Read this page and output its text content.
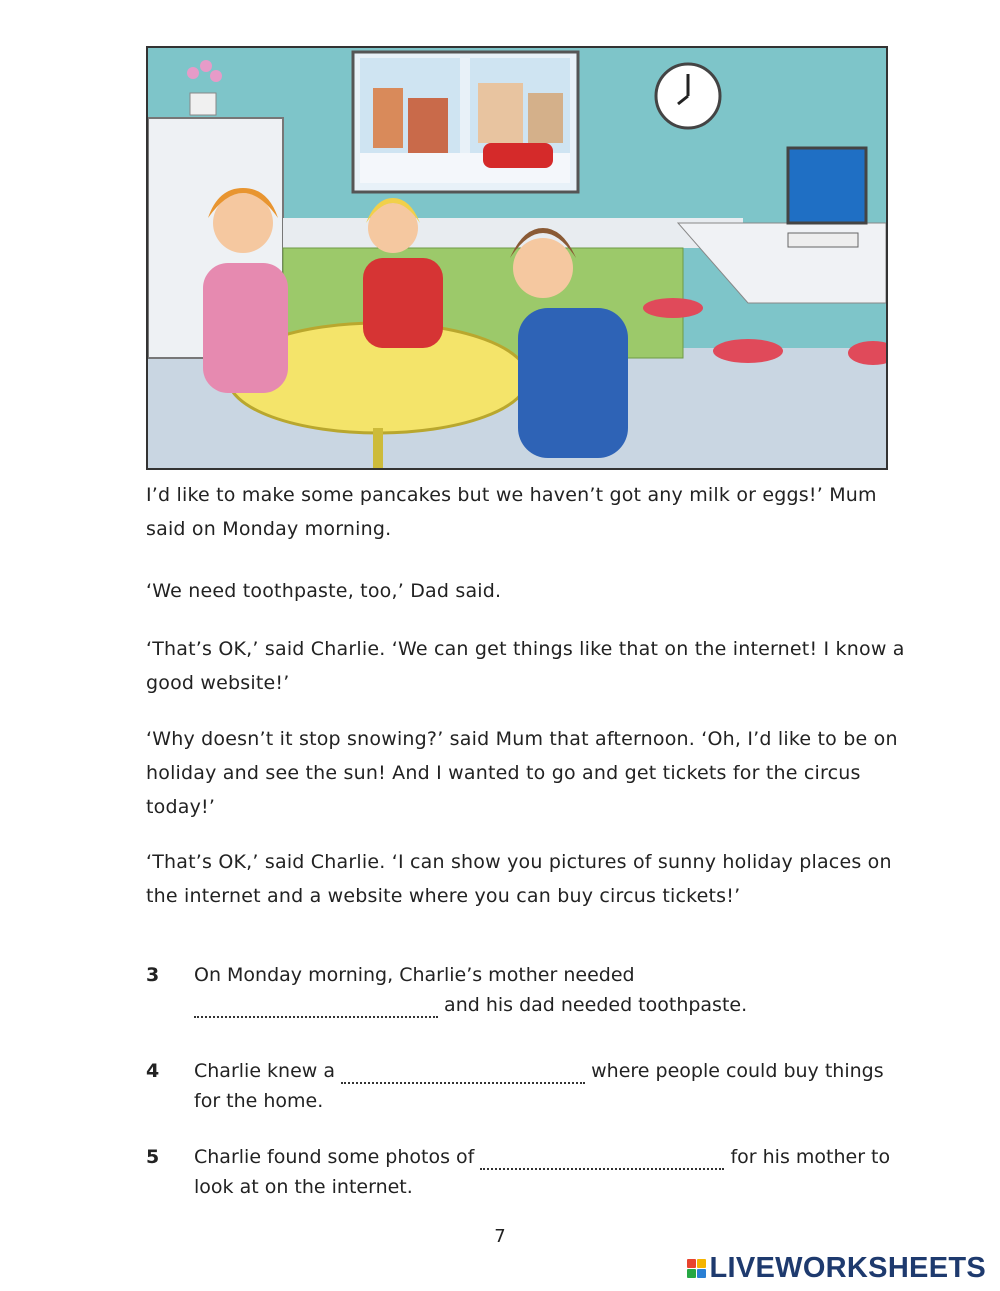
I’d like to make some pancakes but we haven’t got any milk or eggs!’ Mum said on Monday morning.

‘We need toothpaste, too,’ Dad said.

‘That’s OK,’ said Charlie. ‘We can get things like that on the internet! I know a good website!’

‘Why doesn’t it stop snowing?’ said Mum that afternoon. ‘Oh, I’d like to be on holiday and see the sun! And I wanted to go and get tickets for the circus today!’

‘That’s OK,’ said Charlie. ‘I can show you pictures of sunny holiday places on the internet and a website where you can buy circus tickets!’

3 On Monday morning, Charlie’s mother needed
and his dad needed toothpaste.
4 Charlie knew a	where people could buy things for the home.
5 Charlie found some photos of	for his mother to look at on the internet.
7
LIVEWORKSHEETS
